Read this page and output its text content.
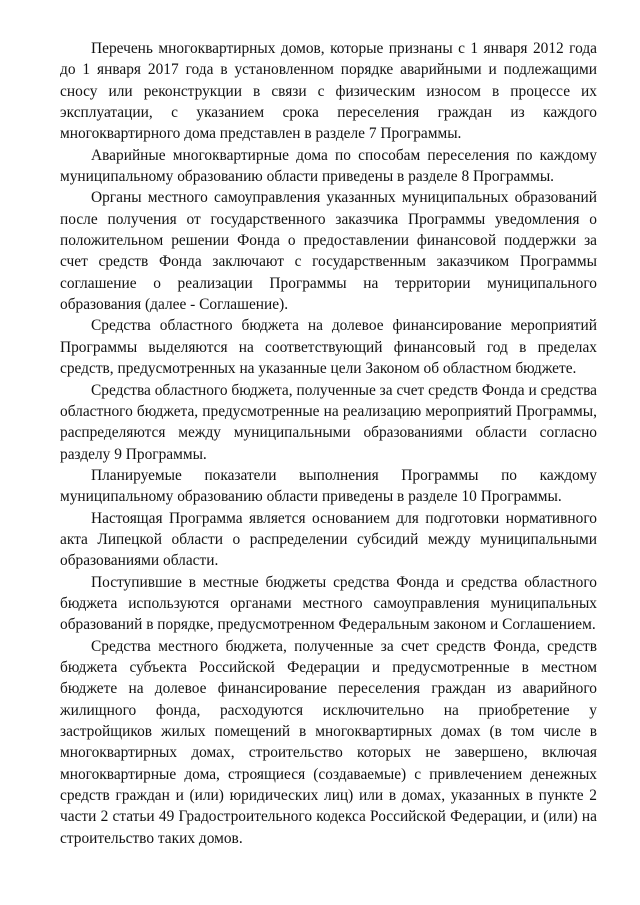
Перечень многоквартирных домов, которые признаны с 1 января 2012 года до 1 января 2017 года в установленном порядке аварийными и подлежащими сносу или реконструкции в связи с физическим износом в процессе их эксплуатации, с указанием срока переселения граждан из каждого многоквартирного дома представлен в разделе 7 Программы.

Аварийные многоквартирные дома по способам переселения по каждому муниципальному образованию области приведены в разделе 8 Программы.

Органы местного самоуправления указанных муниципальных образований после получения от государственного заказчика Программы уведомления о положительном решении Фонда о предоставлении финансовой поддержки за счет средств Фонда заключают с государственным заказчиком Программы соглашение о реализации Программы на территории муниципального образования (далее - Соглашение).

Средства областного бюджета на долевое финансирование мероприятий Программы выделяются на соответствующий финансовый год в пределах средств, предусмотренных на указанные цели Законом об областном бюджете.

Средства областного бюджета, полученные за счет средств Фонда и средства областного бюджета, предусмотренные на реализацию мероприятий Программы, распределяются между муниципальными образованиями области согласно разделу 9 Программы.

Планируемые показатели выполнения Программы по каждому муниципальному образованию области приведены в разделе 10 Программы.

Настоящая Программа является основанием для подготовки нормативного акта Липецкой области о распределении субсидий между муниципальными образованиями области.

Поступившие в местные бюджеты средства Фонда и средства областного бюджета используются органами местного самоуправления муниципальных образований в порядке, предусмотренном Федеральным законом и Соглашением.

Средства местного бюджета, полученные за счет средств Фонда, средств бюджета субъекта Российской Федерации и предусмотренные в местном бюджете на долевое финансирование переселения граждан из аварийного жилищного фонда, расходуются исключительно на приобретение у застройщиков жилых помещений в многоквартирных домах (в том числе в многоквартирных домах, строительство которых не завершено, включая многоквартирные дома, строящиеся (создаваемые) с привлечением денежных средств граждан и (или) юридических лиц) или в домах, указанных в пункте 2 части 2 статьи 49 Градостроительного кодекса Российской Федерации, и (или) на строительство таких домов.
